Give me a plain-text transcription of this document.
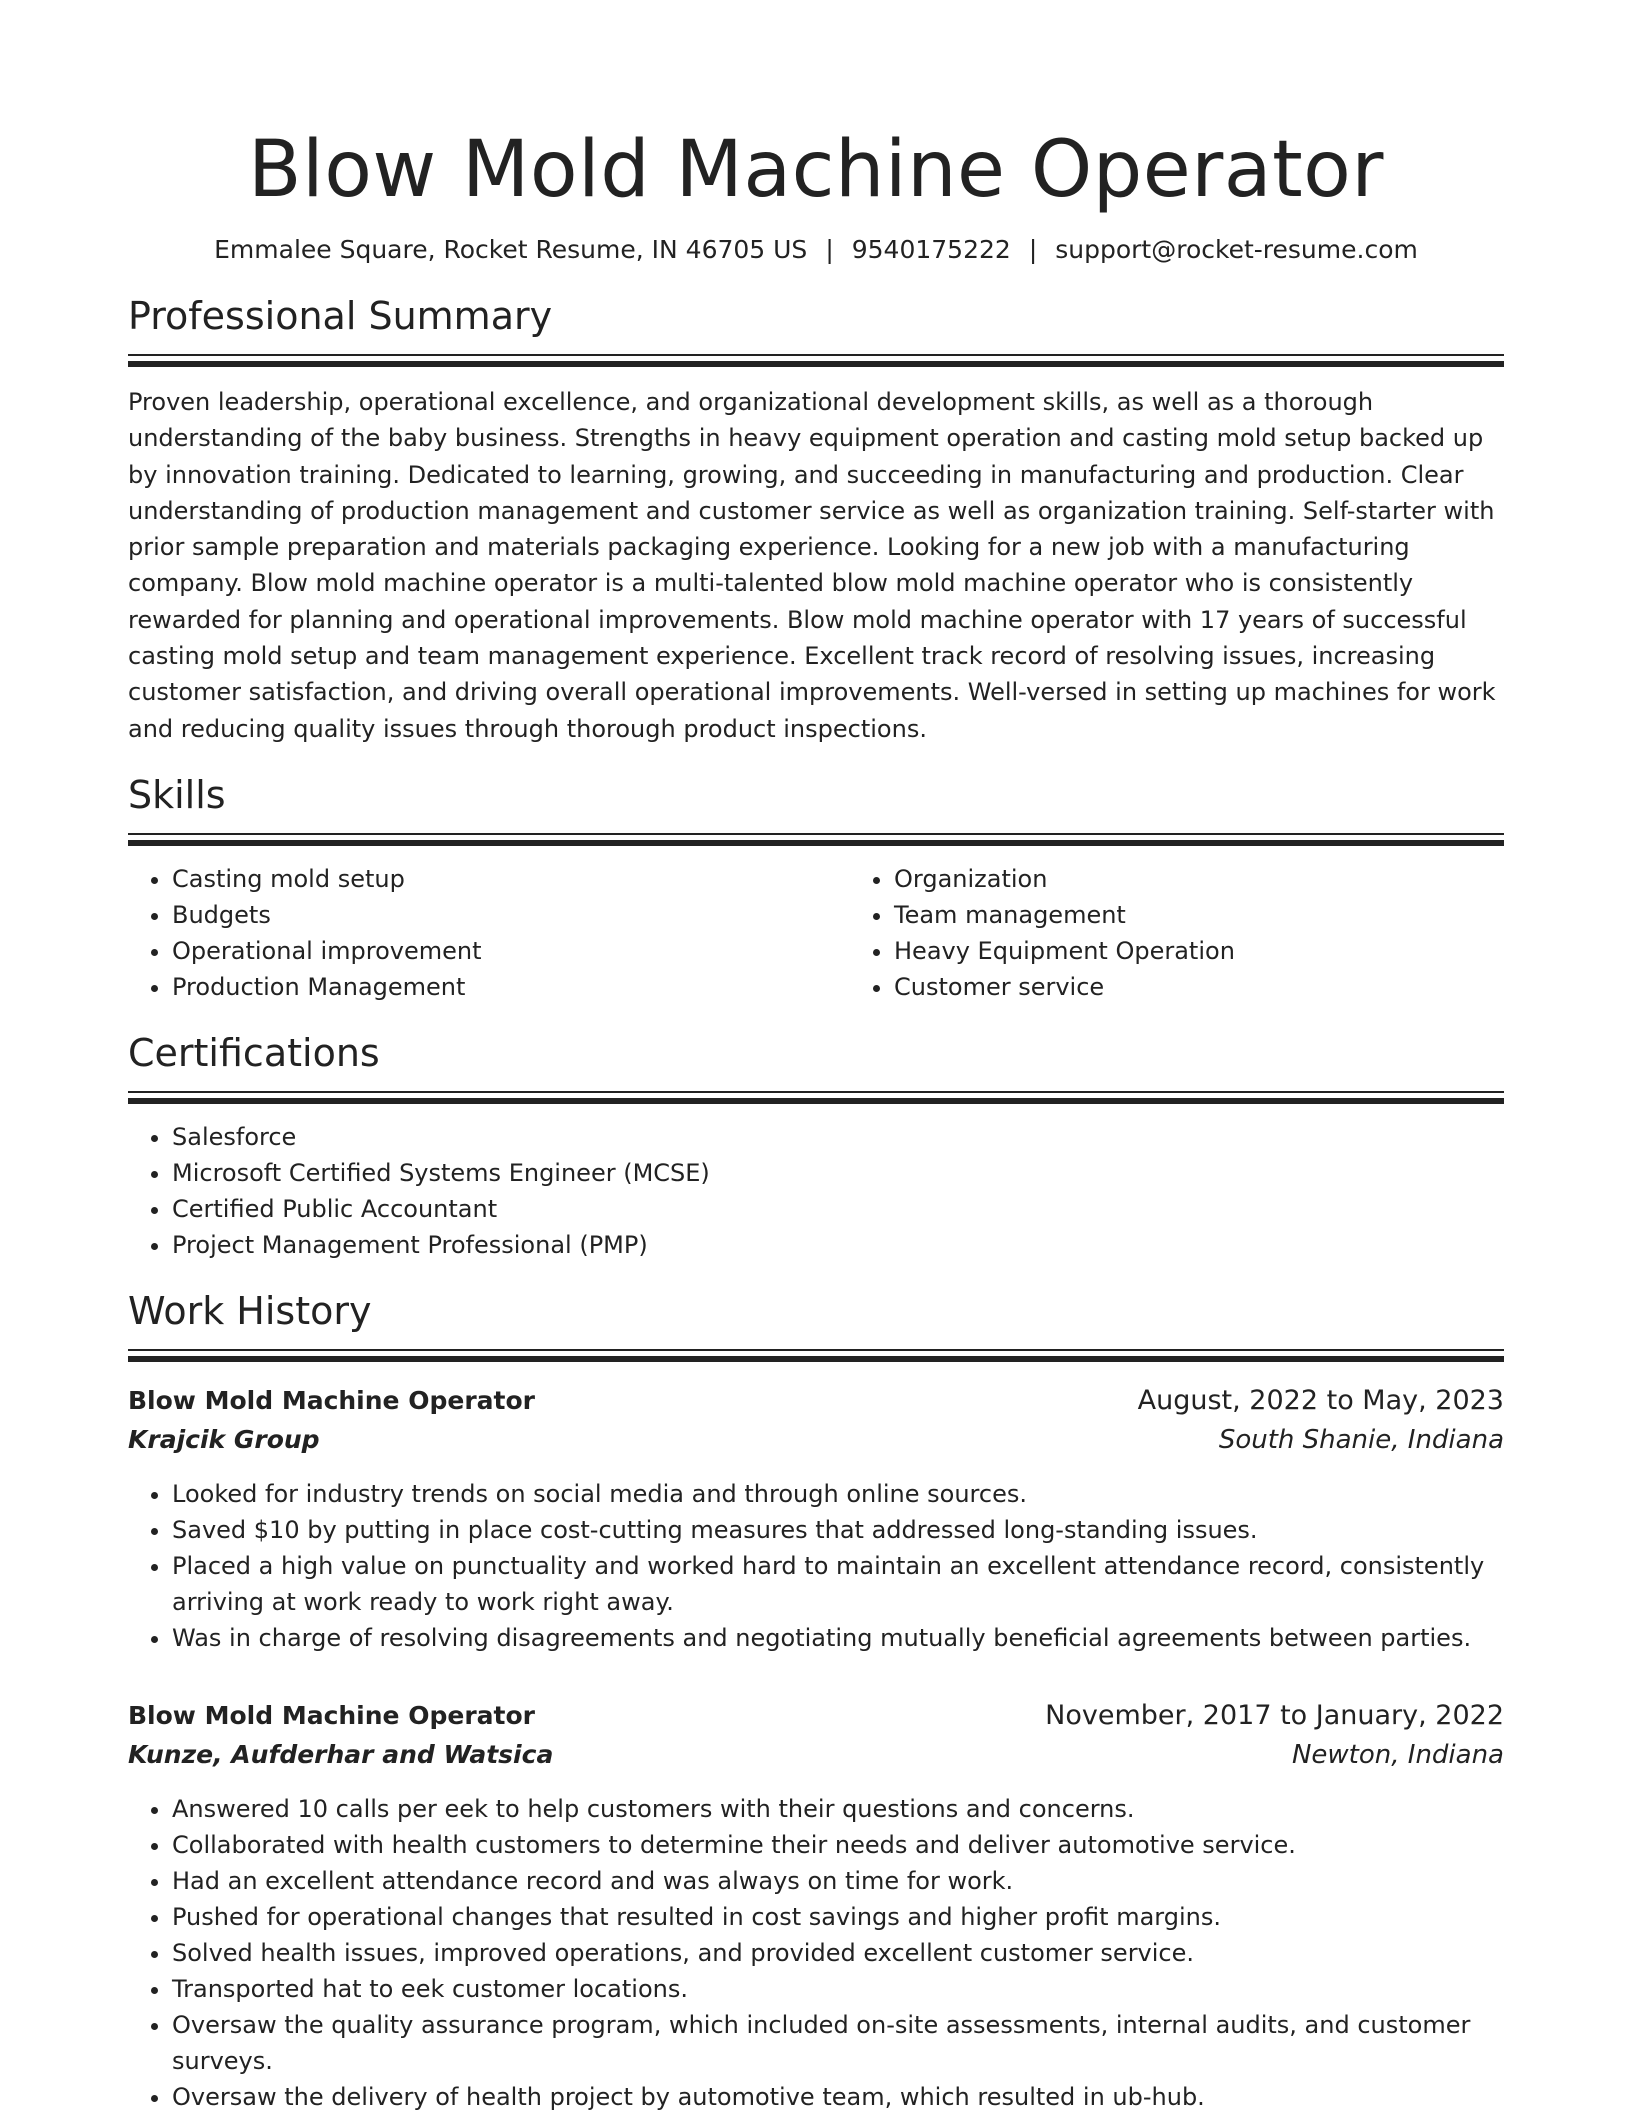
Blow Mold Machine Operator
Emmalee Square, Rocket Resume, IN 46705 US | 9540175222 | support@rocket-resume.com
Professional Summary
Proven leadership, operational excellence, and organizational development skills, as well as a thorough understanding of the baby business. Strengths in heavy equipment operation and casting mold setup backed up by innovation training. Dedicated to learning, growing, and succeeding in manufacturing and production. Clear understanding of production management and customer service as well as organization training. Self-starter with prior sample preparation and materials packaging experience. Looking for a new job with a manufacturing company. Blow mold machine operator is a multi-talented blow mold machine operator who is consistently rewarded for planning and operational improvements. Blow mold machine operator with 17 years of successful casting mold setup and team management experience. Excellent track record of resolving issues, increasing customer satisfaction, and driving overall operational improvements. Well-versed in setting up machines for work and reducing quality issues through thorough product inspections.
Skills
• Casting mold setup
• Budgets
• Operational improvement
• Production Management
• Organization
• Team management
• Heavy Equipment Operation
• Customer service
Certifications
• Salesforce
• Microsoft Certified Systems Engineer (MCSE)
• Certified Public Accountant
• Project Management Professional (PMP)
Work History
Blow Mold Machine Operator	August, 2022 to May, 2023
Krajcik Group	South Shanie, Indiana
• Looked for industry trends on social media and through online sources.
• Saved $10 by putting in place cost-cutting measures that addressed long-standing issues.
• Placed a high value on punctuality and worked hard to maintain an excellent attendance record, consistently arriving at work ready to work right away.
• Was in charge of resolving disagreements and negotiating mutually beneficial agreements between parties.
Blow Mold Machine Operator	November, 2017 to January, 2022
Kunze, Aufderhar and Watsica	Newton, Indiana
• Answered 10 calls per eek to help customers with their questions and concerns.
• Collaborated with health customers to determine their needs and deliver automotive service.
• Had an excellent attendance record and was always on time for work.
• Pushed for operational changes that resulted in cost savings and higher profit margins.
• Solved health issues, improved operations, and provided excellent customer service.
• Transported hat to eek customer locations.
• Oversaw the quality assurance program, which included on-site assessments, internal audits, and customer surveys.
• Oversaw the delivery of health project by automotive team, which resulted in ub-hub.
